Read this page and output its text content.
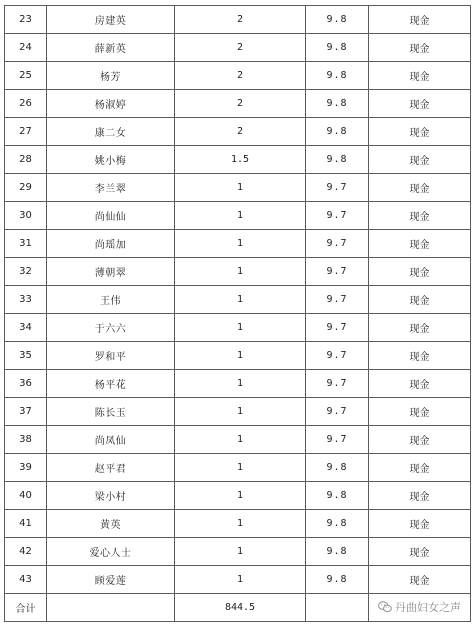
23	房建英	2	9.8	现金
24	薛新英	2	9.8	现金
25	杨芳	2	9.8	现金
26	杨淑婷	2	9.8	现金
27	康二女	2	9.8	现金
28	姚小梅	1.5	9.8	现金
29	李兰翠	1	9.7	现金
30	尚仙仙	1	9.7	现金
31	尚瑶加	1	9.7	现金
32	薄朝翠	1	9.7	现金
33	王伟	1	9.7	现金
34	于六六	1	9.7	现金
35	罗和平	1	9.7	现金
36	杨平花	1	9.7	现金
37	陈长玉	1	9.7	现金
38	尚凤仙	1	9.7	现金
39	赵平君	1	9.8	现金
40	梁小村	1	9.8	现金
41	黄英	1	9.8	现金
42	爱心人士	1	9.8	现金
43	顾爱莲	1	9.8	现金
合计		844.5		丹曲妇女之声
